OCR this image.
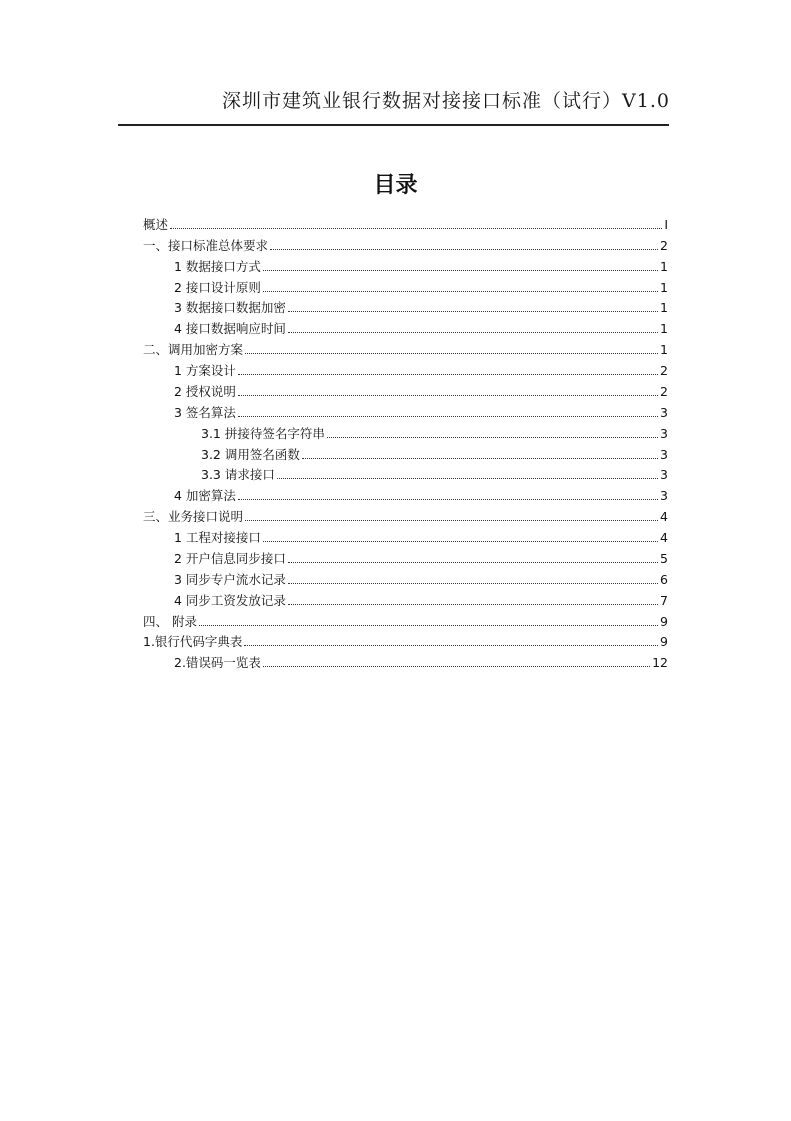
深圳市建筑业银行数据对接接口标准（试行）V1.0
目录
概述	I
一、接口标准总体要求	2
1 数据接口方式	1
2 接口设计原则	1
3 数据接口数据加密	1
4 接口数据响应时间	1
二、调用加密方案	1
1 方案设计	2
2 授权说明	2
3 签名算法	3
3.1 拼接待签名字符串	3
3.2 调用签名函数	3
3.3 请求接口	3
4 加密算法	3
三、业务接口说明	4
1 工程对接接口	4
2 开户信息同步接口	5
3 同步专户流水记录	6
4 同步工资发放记录	7
四、 附录	9
1.银行代码字典表	9
2.错误码一览表	12
